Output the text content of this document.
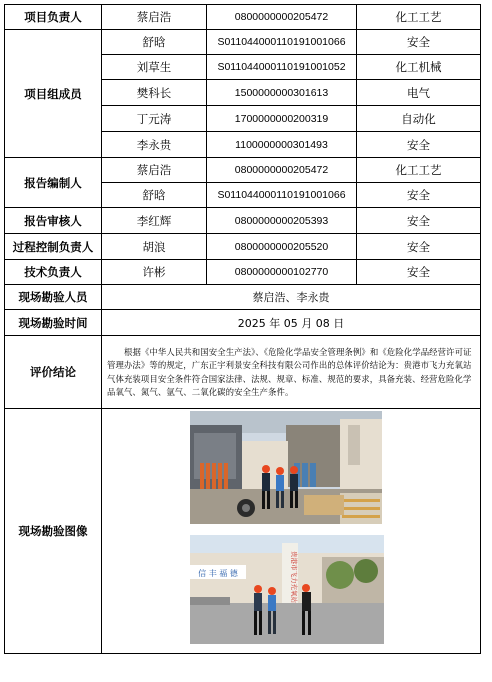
项目负责人	蔡启浩	0800000000205472	化工工艺
项目组成员	舒晗	S011044000110191001066	安全
	刘草生	S011044000110191001052	化工机械
	樊科长	1500000000301613	电气
	丁元涛	1700000000200319	自动化
	李永贵	1100000000301493	安全
报告编制人	蔡启浩	0800000000205472	化工工艺
	舒晗	S011044000110191001066	安全
报告审核人	李红辉	0800000000205393	安全
过程控制负责人	胡浪	0800000000205520	安全
技术负责人	许彬	0800000000102770	安全
现场勘验人员	蔡启浩、李永贵		
现场勘验时间	2025 年 05 月 08 日		
评价结论	根据《中华人民共和国安全生产法》、《危险化学品安全管理条例》和《危险化学品经营许可证管理办法》等的规定，广东正宇利景安全科技有限公司作出的总体评价结论为：贵港市飞力充氧站气体充装项目安全条件符合国家法律、法规、规章、标准、规范的要求，具备充装、经营危险化学品氧气、氮气、氩气、二氧化碳的安全生产条件。		
现场勘验图像	信 丰 福 德 贵港市飞力充氧站		
